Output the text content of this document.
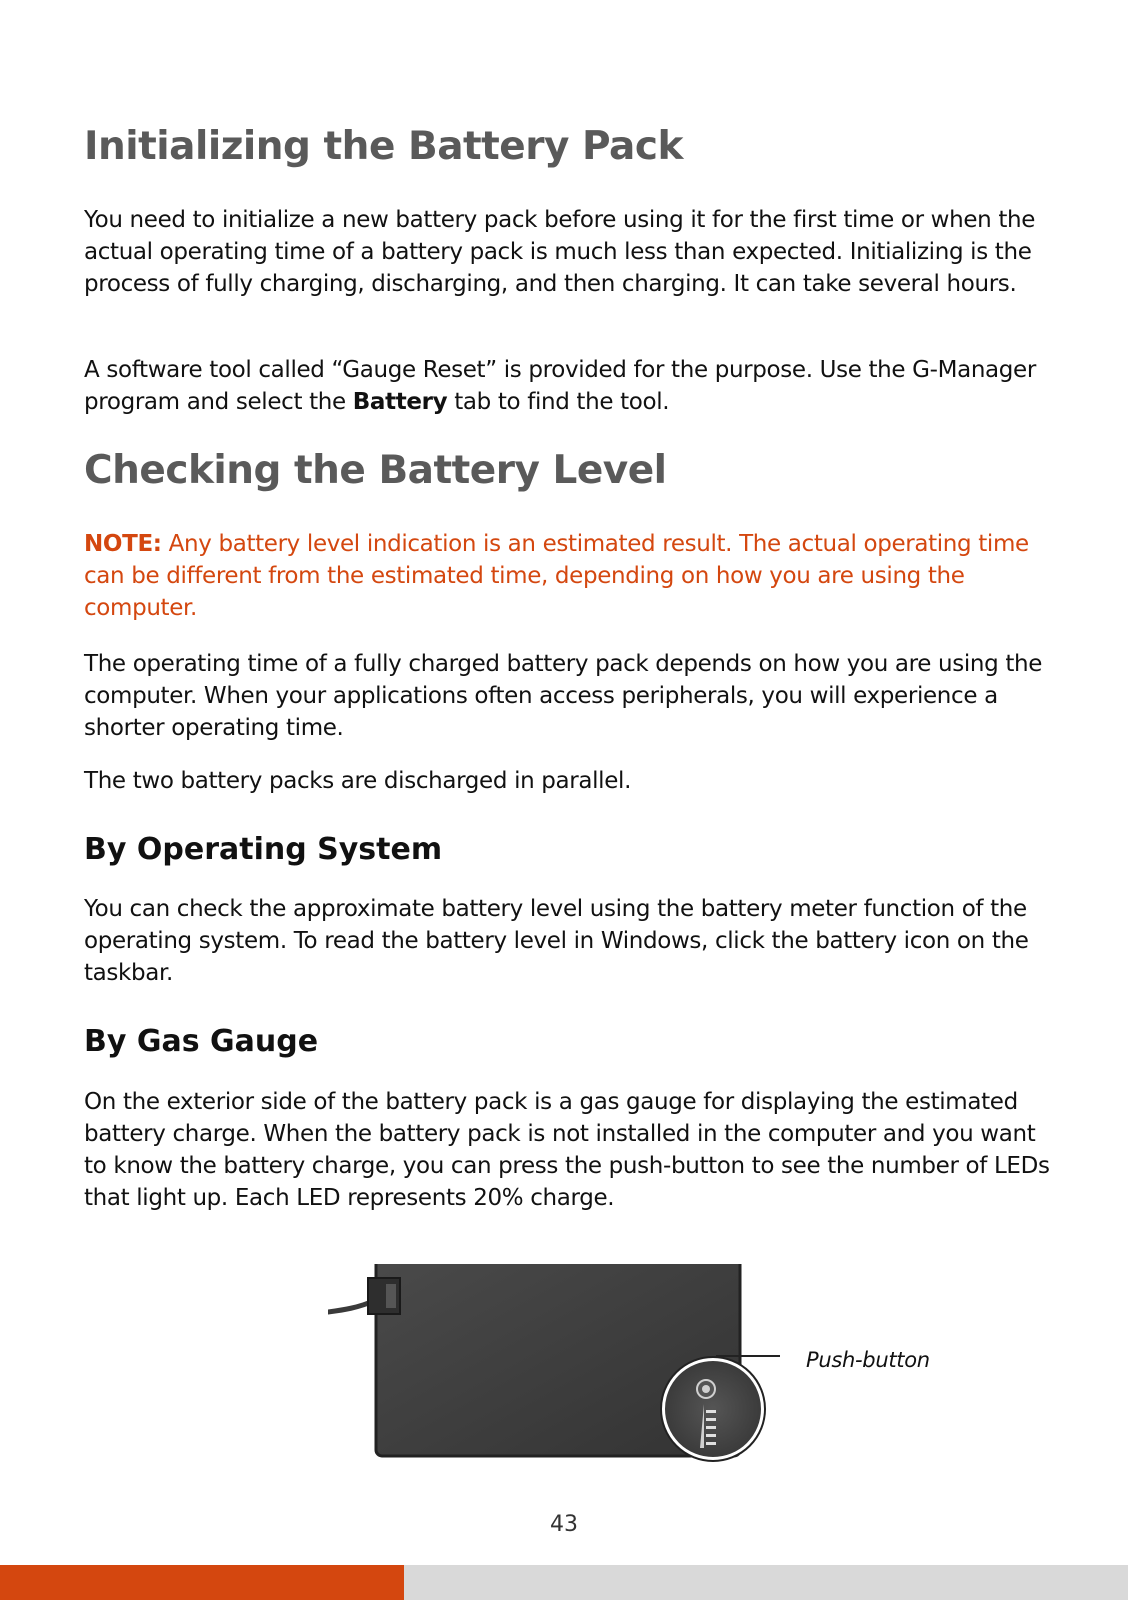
Initializing the Battery Pack

You need to initialize a new battery pack before using it for the first time or when the actual operating time of a battery pack is much less than expected. Initializing is the process of fully charging, discharging, and then charging. It can take several hours.

A software tool called “Gauge Reset” is provided for the purpose. Use the G-Manager program and select the Battery tab to find the tool.

Checking the Battery Level

NOTE: Any battery level indication is an estimated result. The actual operating time can be different from the estimated time, depending on how you are using the computer.

The operating time of a fully charged battery pack depends on how you are using the computer. When your applications often access peripherals, you will experience a shorter operating time.

The two battery packs are discharged in parallel.

By Operating System

You can check the approximate battery level using the battery meter function of the operating system. To read the battery level in Windows, click the battery icon on the taskbar.

By Gas Gauge

On the exterior side of the battery pack is a gas gauge for displaying the estimated battery charge. When the battery pack is not installed in the computer and you want to know the battery charge, you can press the push-button to see the number of LEDs that light up. Each LED represents 20% charge.

Push-button
43
